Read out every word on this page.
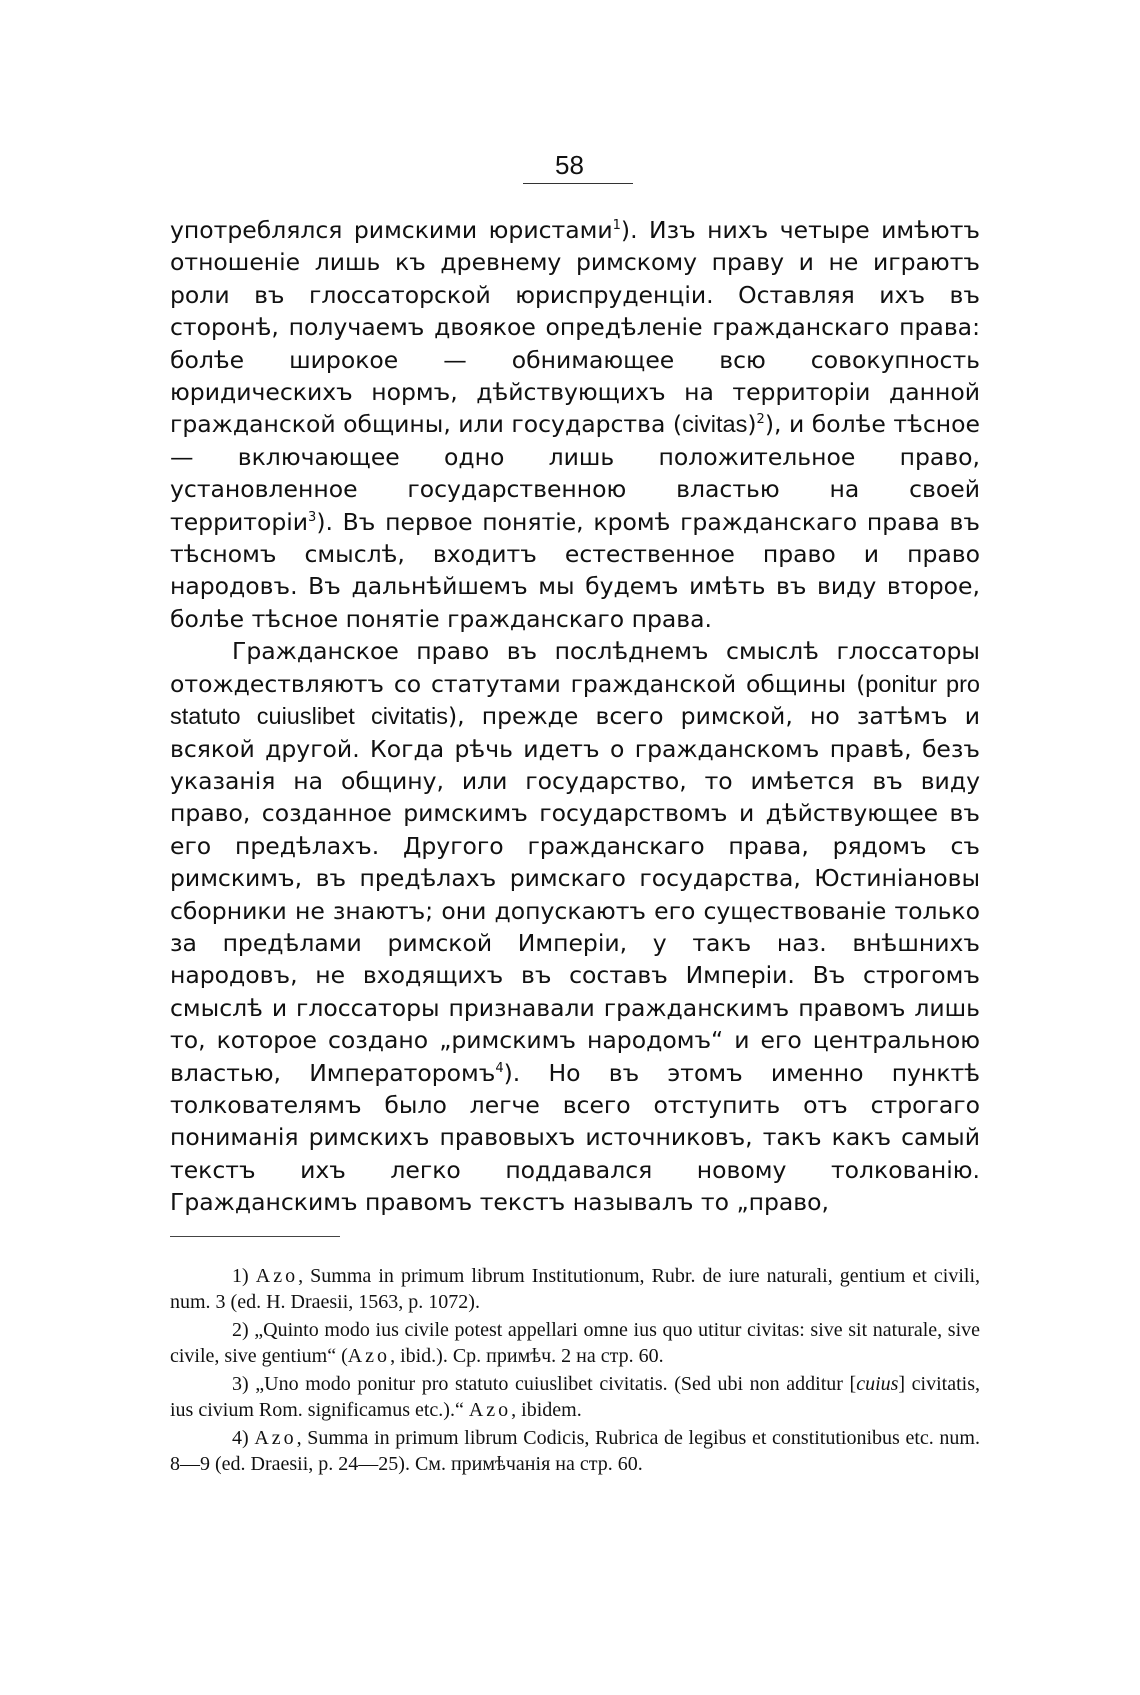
58

употреблялся римскими юристами$^1$). Изъ нихъ четыре имѣютъ отношеніе лишь къ древнему римскому праву и не играютъ роли въ глоссаторской юриспруденціи. Оставляя ихъ въ сторонѣ, получаемъ двоякое опредѣленіе гражданскаго права: болѣе широкое — обнимающее всю совокупность юридическихъ нормъ, дѣйствующихъ на территоріи данной гражданской общины, или государства (civitas)$^2$), и болѣе тѣсное — включающее одно лишь положительное право, установленное государственною властью на своей территоріи$^3$). Въ первое понятіе, кромѣ гражданскаго права въ тѣсномъ смыслѣ, входитъ естественное право и право народовъ. Въ дальнѣйшемъ мы будемъ имѣть въ виду второе, болѣе тѣсное понятіе гражданскаго права.

Гражданское право въ послѣднемъ смыслѣ глоссаторы отождествляютъ со статутами гражданской общины (ponitur pro statuto cuiuslibet civitatis), прежде всего римской, но затѣмъ и всякой другой. Когда рѣчь идетъ о гражданскомъ правѣ, безъ указанія на общину, или государство, то имѣется въ виду право, созданное римскимъ государствомъ и дѣйствующее въ его предѣлахъ. Другого гражданскаго права, рядомъ съ римскимъ, въ предѣлахъ римскаго государства, Юстиніановы сборники не знаютъ; они допускаютъ его существованіе только за предѣлами римской Имперіи, у такъ наз. внѣшнихъ народовъ, не входящихъ въ составъ Имперіи. Въ строгомъ смыслѣ и глоссаторы признавали гражданскимъ правомъ лишь то, которое создано „римскимъ народомъ“ и его центральною властью, Императоромъ$^4$). Но въ этомъ именно пунктѣ толкователямъ было легче всего отступить отъ строгаго пониманія римскихъ правовыхъ источниковъ, такъ какъ самый текстъ ихъ легко поддавался новому толкованію. Гражданскимъ правомъ текстъ называлъ то „право,

1) Azo, Summa in primum librum Institutionum, Rubr. de iure naturali, gentium et civili, num. 3 (ed. H. Draesii, 1563, p. 1072).

2) „Quinto modo ius civile potest appellari omne ius quo utitur civitas: sive sit naturale, sive civile, sive gentium“ (Azo, ibid.). Ср. примѣч. 2 на стр. 60.

3) „Uno modo ponitur pro statuto cuiuslibet civitatis. (Sed ubi non additur [cuius] civitatis, ius civium Rom. significamus etc.).“ Azo, ibidem.

4) Azo, Summa in primum librum Codicis, Rubrica de legibus et constitutionibus etc. num. 8—9 (ed. Draesii, p. 24—25). См. примѣчанія на стр. 60.
